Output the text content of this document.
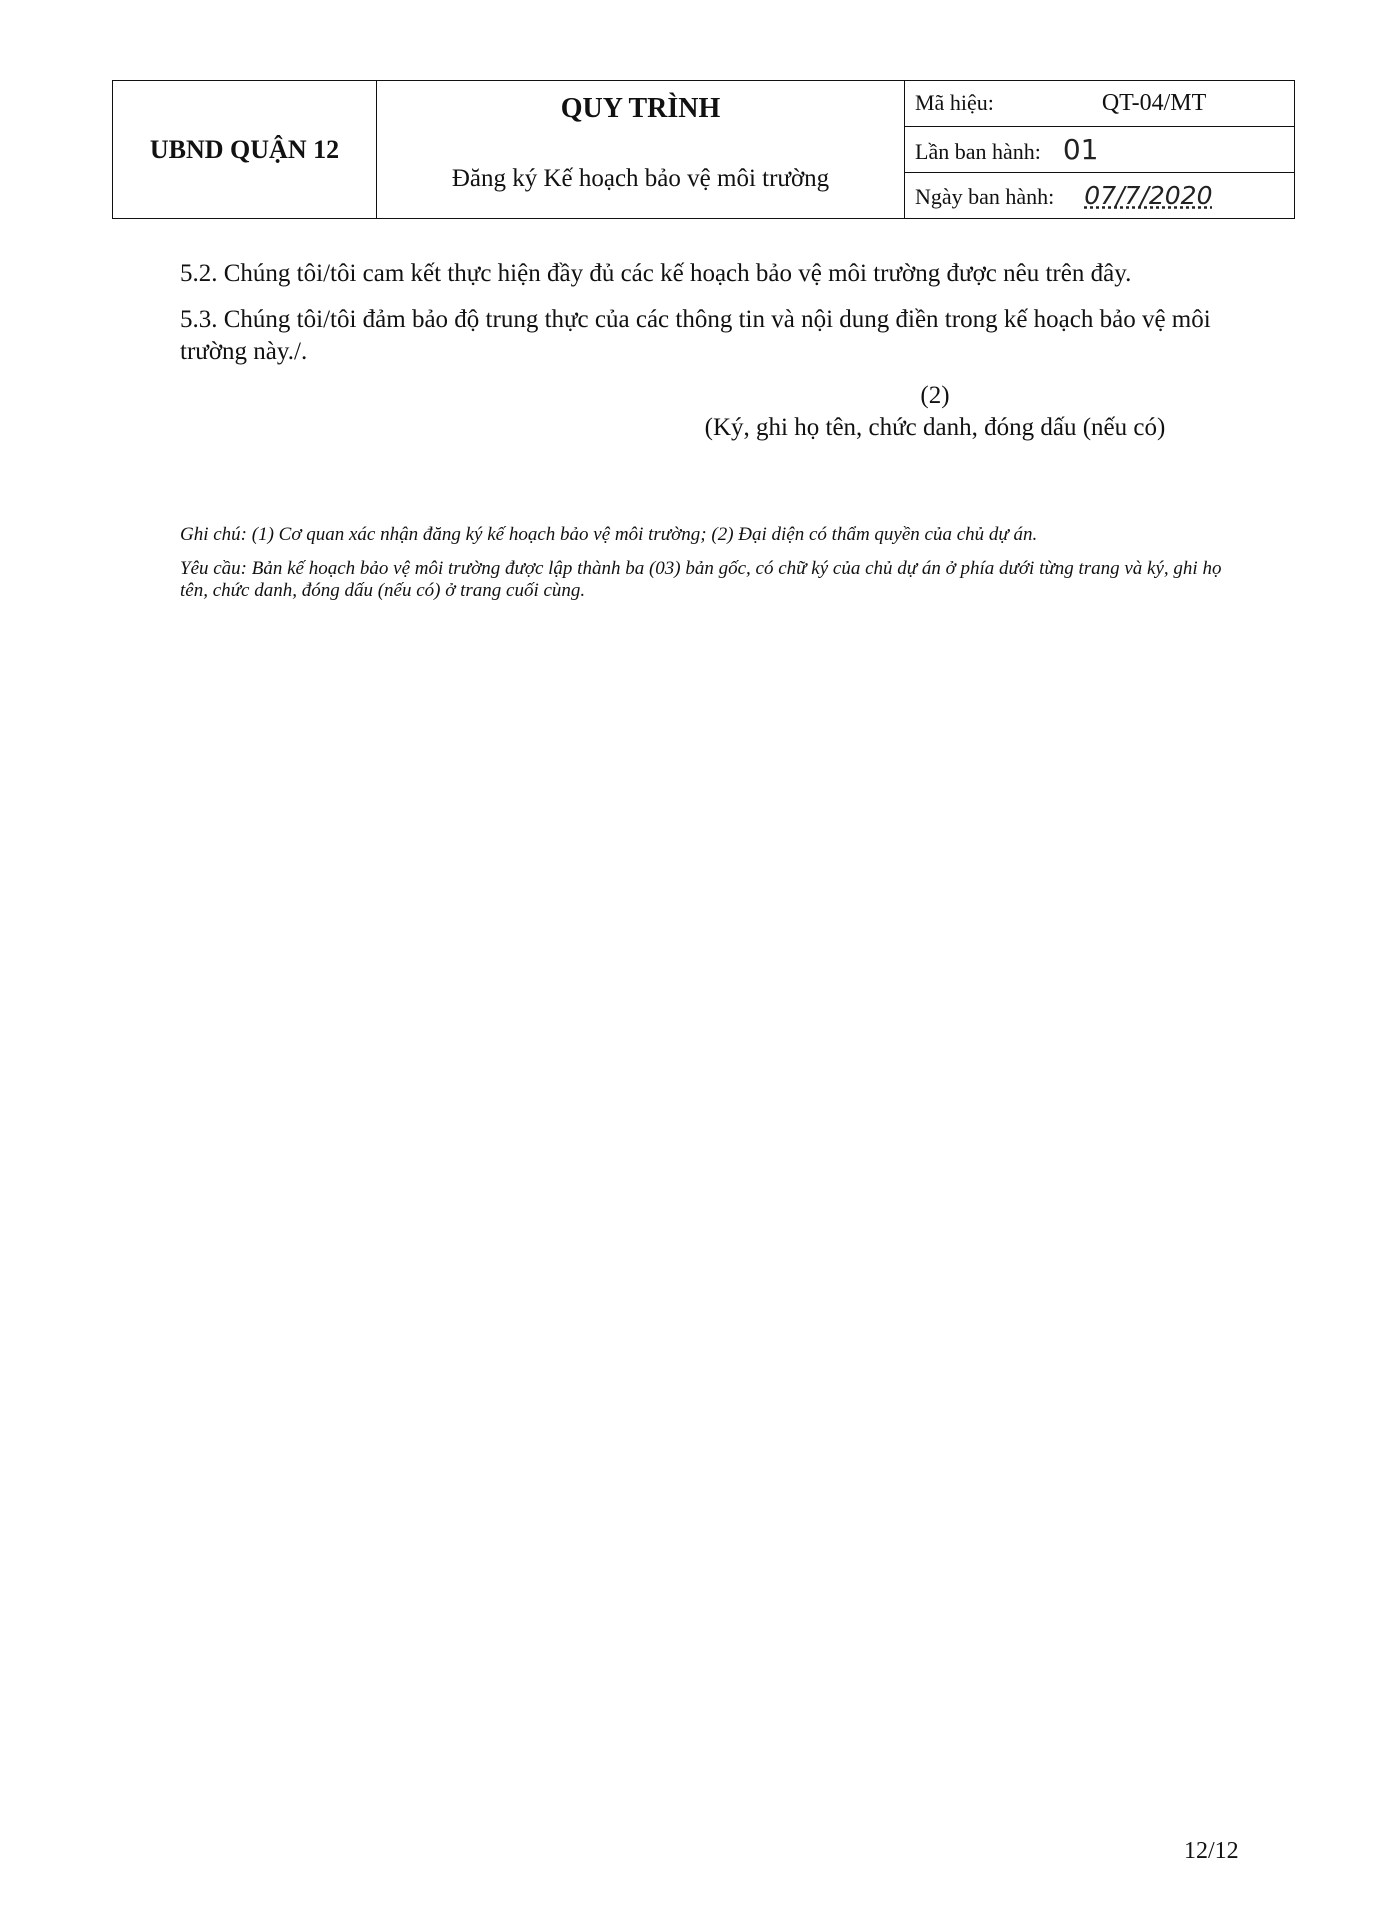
UBND QUẬN 12	
QUY TRÌNH
Đăng ký Kế hoạch bảo vệ môi trường
	Mã hiệu:	QT-04/MT
Lần ban hành: 01
Ngày ban hành: 07/7/2020
5.2. Chúng tôi/tôi cam kết thực hiện đầy đủ các kế hoạch bảo vệ môi trường được nêu trên đây.
5.3. Chúng tôi/tôi đảm bảo độ trung thực của các thông tin và nội dung điền trong kế hoạch bảo vệ môi trường này./.
(2)
(Ký, ghi họ tên, chức danh, đóng dấu (nếu có)

Ghi chú: (1) Cơ quan xác nhận đăng ký kế hoạch bảo vệ môi trường; (2) Đại diện có thẩm quyền của chủ dự án.

Yêu cầu: Bản kế hoạch bảo vệ môi trường được lập thành ba (03) bản gốc, có chữ ký của chủ dự án ở phía dưới từng trang và ký, ghi họ tên, chức danh, đóng dấu (nếu có) ở trang cuối cùng.

12/12
